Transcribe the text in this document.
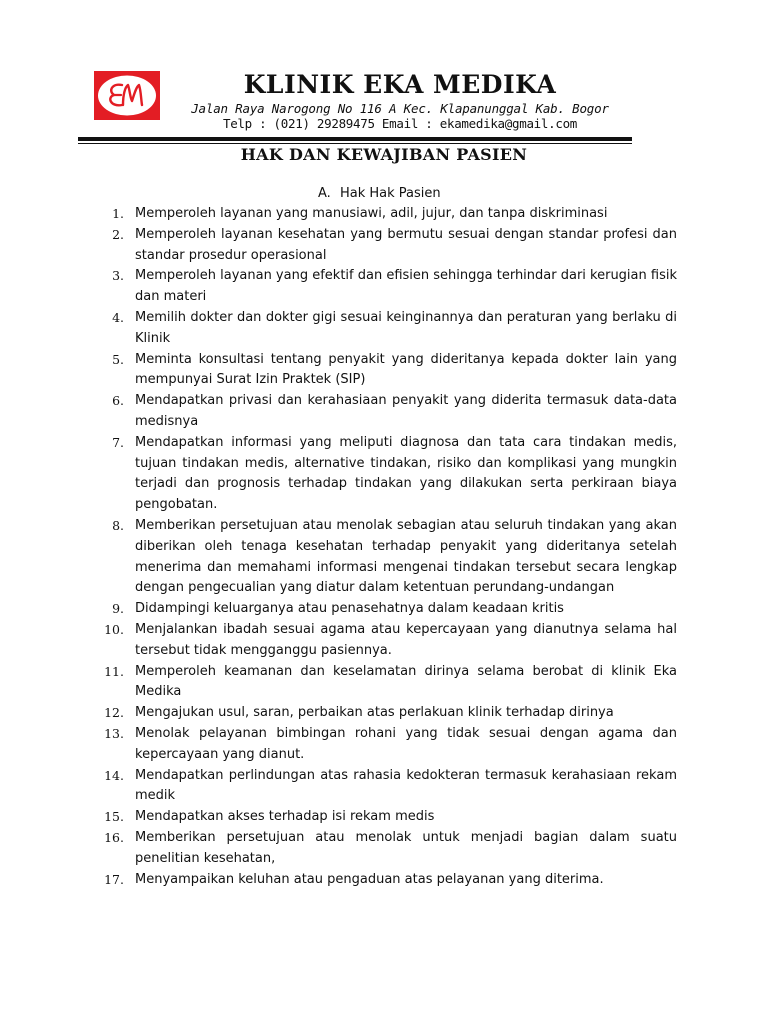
KLINIK EKA MEDIKA
Jalan Raya Narogong No 116 A Kec. Klapanunggal Kab. Bogor
Telp : (021) 29289475 Email : ekamedika@gmail.com
HAK DAN KEWAJIBAN PASIEN
A. Hak Hak Pasien
1. Memperoleh layanan yang manusiawi, adil, jujur, dan tanpa diskriminasi
2. Memperoleh layanan kesehatan yang bermutu sesuai dengan standar profesi dan standar prosedur operasional
3. Memperoleh layanan yang efektif dan efisien sehingga terhindar dari kerugian fisik dan materi
4. Memilih dokter dan dokter gigi sesuai keinginannya dan peraturan yang berlaku di Klinik
5. Meminta konsultasi tentang penyakit yang dideritanya kepada dokter lain yang mempunyai Surat Izin Praktek (SIP)
6. Mendapatkan privasi dan kerahasiaan penyakit yang diderita termasuk data-data medisnya
7. Mendapatkan informasi yang meliputi diagnosa dan tata cara tindakan medis, tujuan tindakan medis, alternative tindakan, risiko dan komplikasi yang mungkin terjadi dan prognosis terhadap tindakan yang dilakukan serta perkiraan biaya pengobatan.
8. Memberikan persetujuan atau menolak sebagian atau seluruh tindakan yang akan diberikan oleh tenaga kesehatan terhadap penyakit yang dideritanya setelah menerima dan memahami informasi mengenai tindakan tersebut secara lengkap dengan pengecualian yang diatur dalam ketentuan perundang-undangan
9. Didampingi keluarganya atau penasehatnya dalam keadaan kritis
10. Menjalankan ibadah sesuai agama atau kepercayaan yang dianutnya selama hal tersebut tidak mengganggu pasiennya.
11. Memperoleh keamanan dan keselamatan dirinya selama berobat di klinik Eka Medika
12. Mengajukan usul, saran, perbaikan atas perlakuan klinik terhadap dirinya
13. Menolak pelayanan bimbingan rohani yang tidak sesuai dengan agama dan kepercayaan yang dianut.
14. Mendapatkan perlindungan atas rahasia kedokteran termasuk kerahasiaan rekam medik
15. Mendapatkan akses terhadap isi rekam medis
16. Memberikan persetujuan atau menolak untuk menjadi bagian dalam suatu penelitian kesehatan,
17. Menyampaikan keluhan atau pengaduan atas pelayanan yang diterima.
